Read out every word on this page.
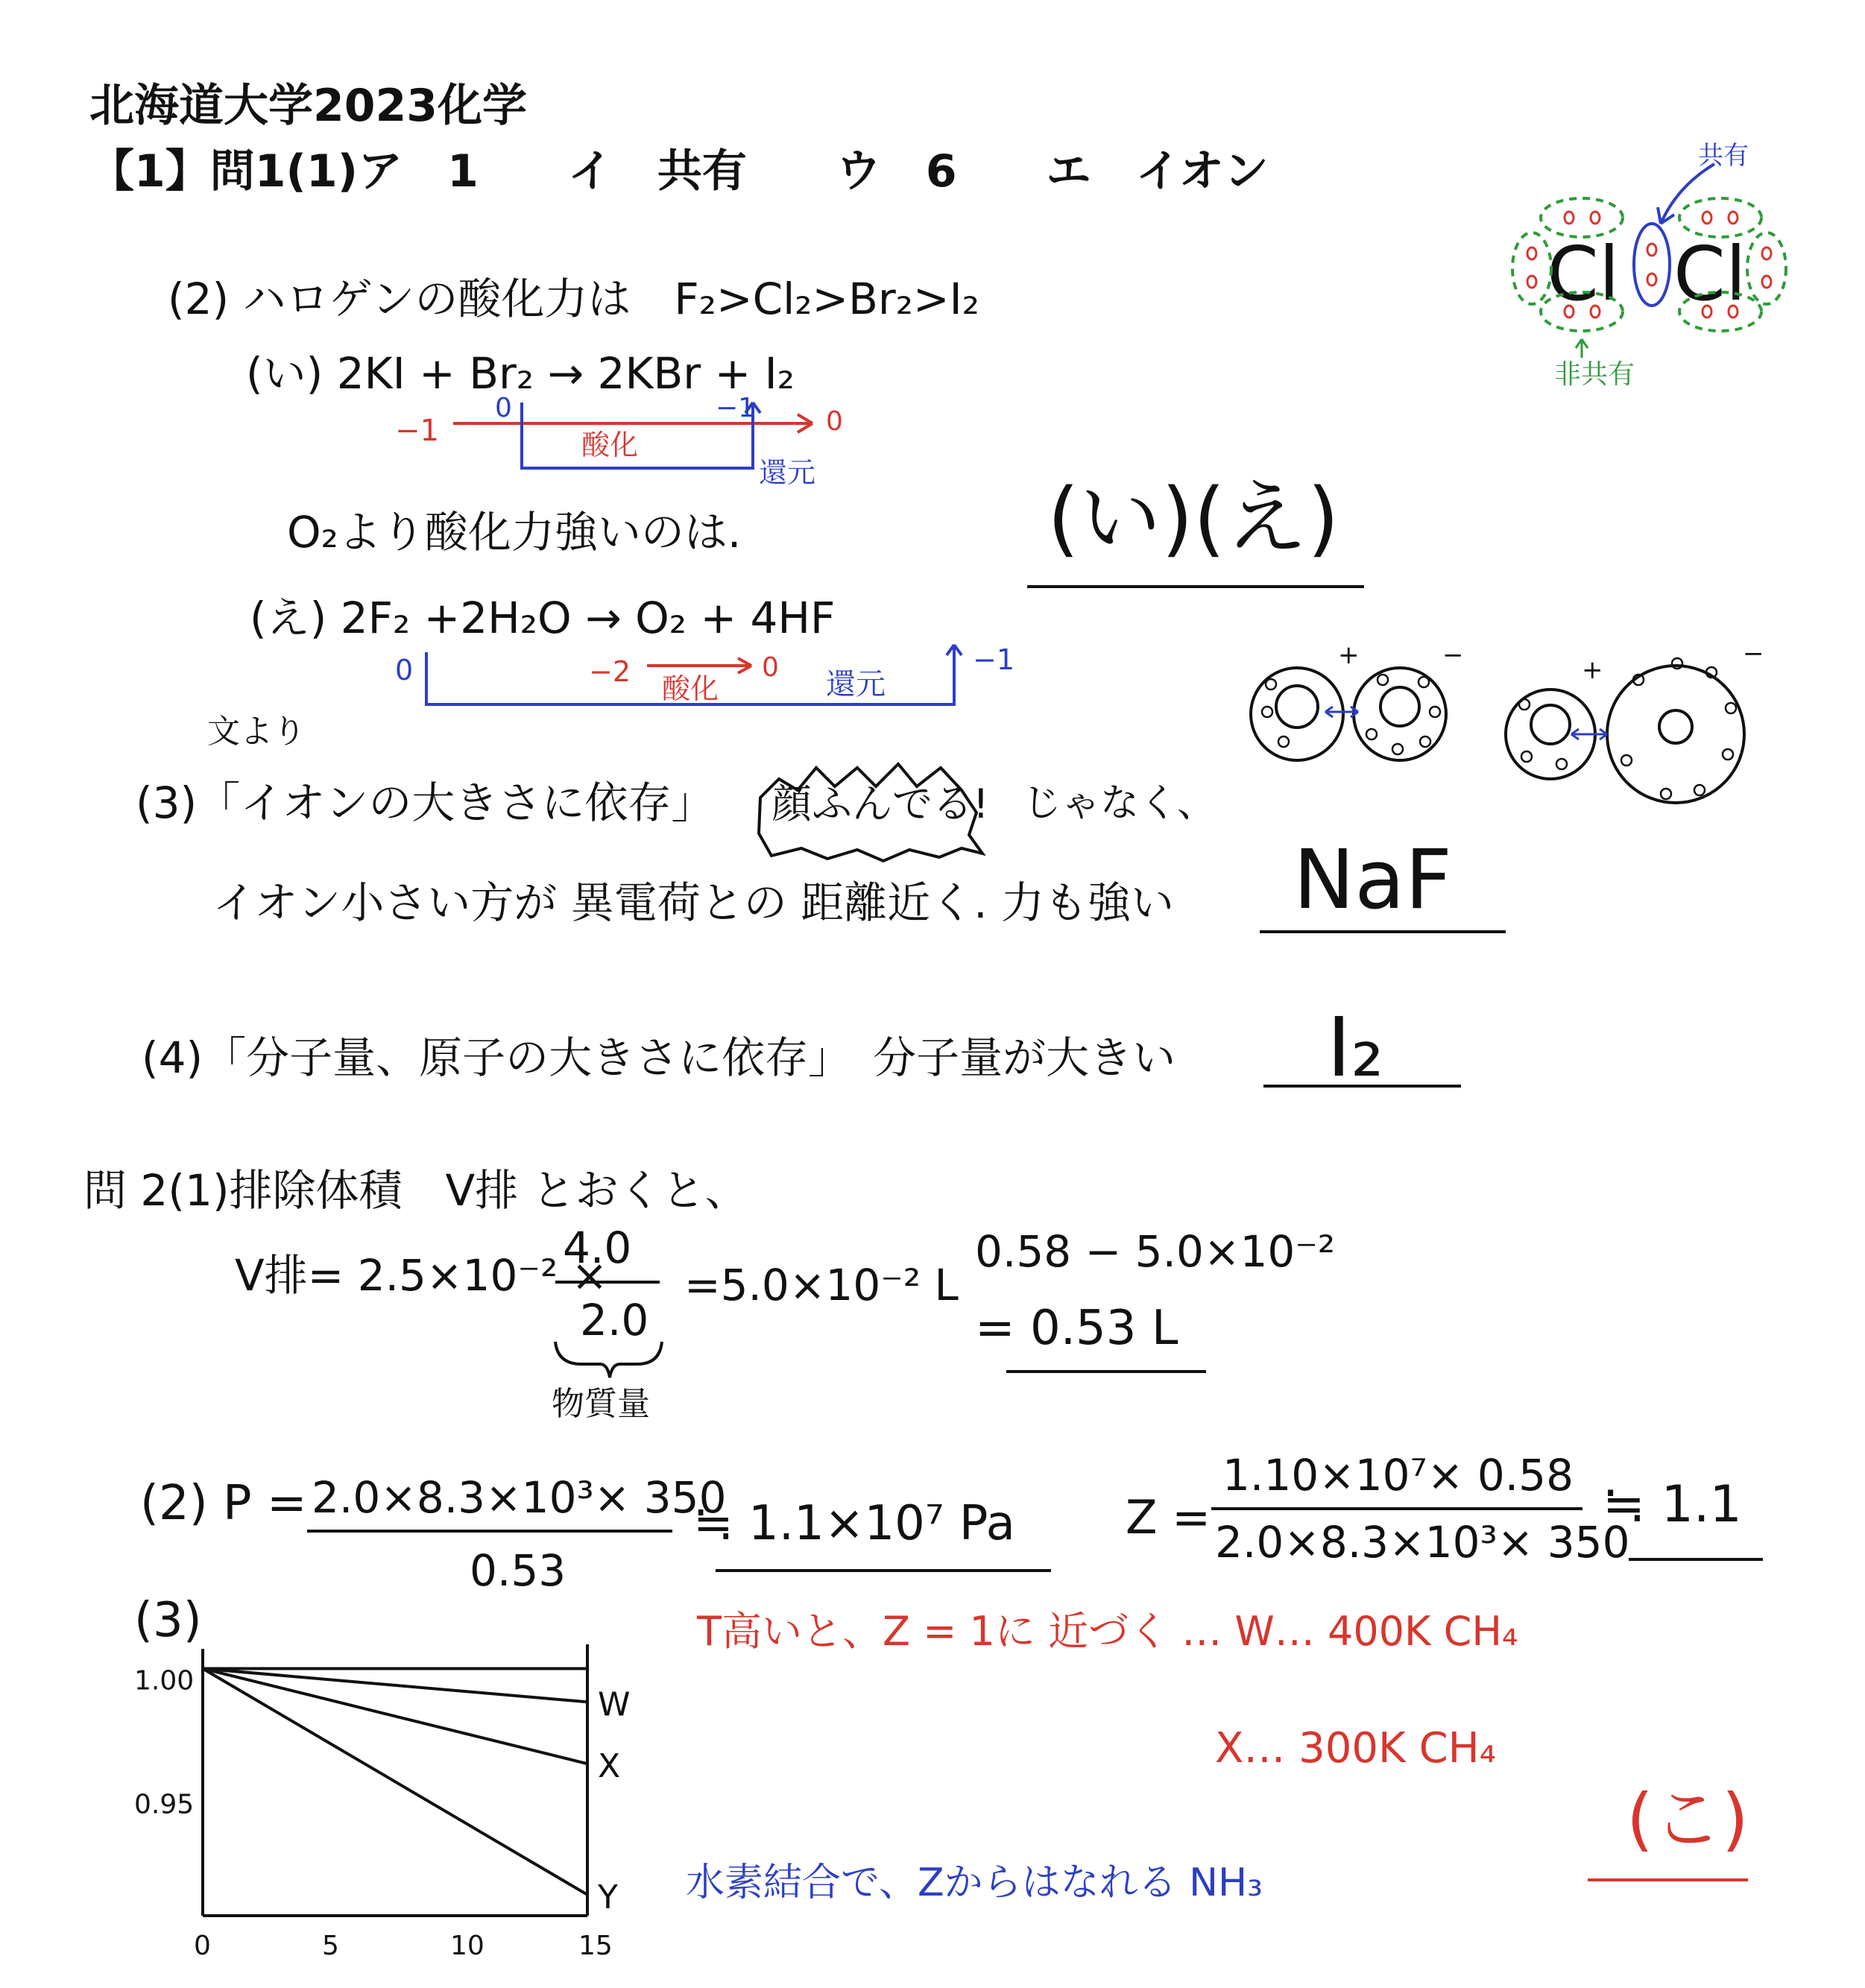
北海道大学2023化学
【1】問1(1)ア　1　　イ　共有　　ウ　6　　エ　イオン	共有
Cl Cl
非共有
(2) ハロゲンの酸化力は　F₂>Cl₂>Br₂>I₂
(い) 2KI + Br₂ → 2KBr + I₂
−1
0	−1	0
酸化
還元
O₂より酸化力強いのは.
(え) 2F₂ +2H₂O → O₂ + 4HF
0	−2	0	−1
酸化	還元
(い)(え)
+	−	+
−
文より
(3)「イオンの大きさに依存」 顔ふんでる! じゃなく、
イオン小さい方が 異電荷との 距離近く. 力も強い NaF
(4)「分子量、原子の大きさに依存」　分子量が大きい I₂
問 2(1)排除体積　V排 とおくと、
V排= 2.5×10⁻² ×
4.0
2.0
=5.0×10⁻² L
物質量
0.58 − 5.0×10⁻²
= 0.53 L
(2) P = 2.0×8.3×10³× 350
0.53
≒ 1.1×10⁷ Pa Z =
1.10×10⁷× 0.58
2.0×8.3×10³× 350
≒ 1.1
(3)	T高いと、Z = 1に 近づく … W… 400K CH₄
X… 300K CH₄
水素結合で、Zからはなれる NH₃
(こ)
W
X
Y
1.00
0.95
0	5	10	15
